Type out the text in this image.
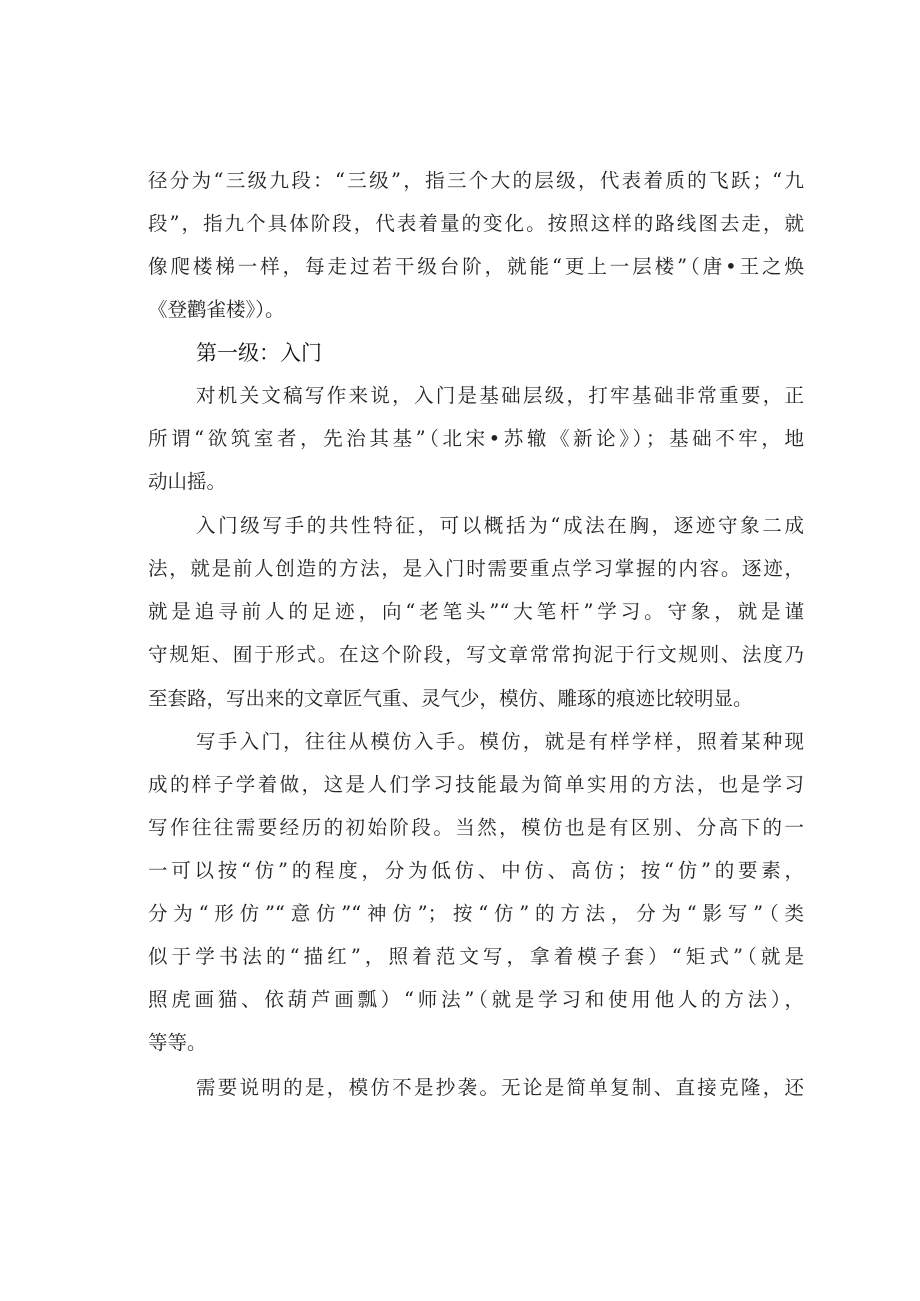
径分为“三级九段：“三级”，指三个大的层级，代表着质的飞跃；“九
段”，指九个具体阶段，代表着量的变化。按照这样的路线图去走，就
像爬楼梯一样，每走过若干级台阶，就能“更上一层楼”（唐•王之焕
《登鹳雀楼》）。
第一级：入门
对机关文稿写作来说，入门是基础层级，打牢基础非常重要，正
所谓“欲筑室者，先治其基”（北宋•苏辙《新论》）；基础不牢，地
动山摇。
入门级写手的共性特征，可以概括为“成法在胸，逐迹守象二成
法，就是前人创造的方法，是入门时需要重点学习掌握的内容。逐迹，
就是追寻前人的足迹，向“老笔头”“大笔杆”学习。守象，就是谨
守规矩、囿于形式。在这个阶段，写文章常常拘泥于行文规则、法度乃
至套路，写出来的文章匠气重、灵气少，模仿、雕琢的痕迹比较明显。
写手入门，往往从模仿入手。模仿，就是有样学样，照着某种现
成的样子学着做，这是人们学习技能最为简单实用的方法，也是学习
写作往往需要经历的初始阶段。当然，模仿也是有区别、分高下的一
一可以按“仿”的程度，分为低仿、中仿、高仿；按“仿”的要素，
分为“形仿”“意仿”“神仿”；按“仿”的方法，分为“影写”（类
似于学书法的“描红”，照着范文写，拿着模子套）“矩式”（就是
照虎画猫、依葫芦画瓢）“师法”（就是学习和使用他人的方法），
等等。
需要说明的是，模仿不是抄袭。无论是简单复制、直接克隆，还
